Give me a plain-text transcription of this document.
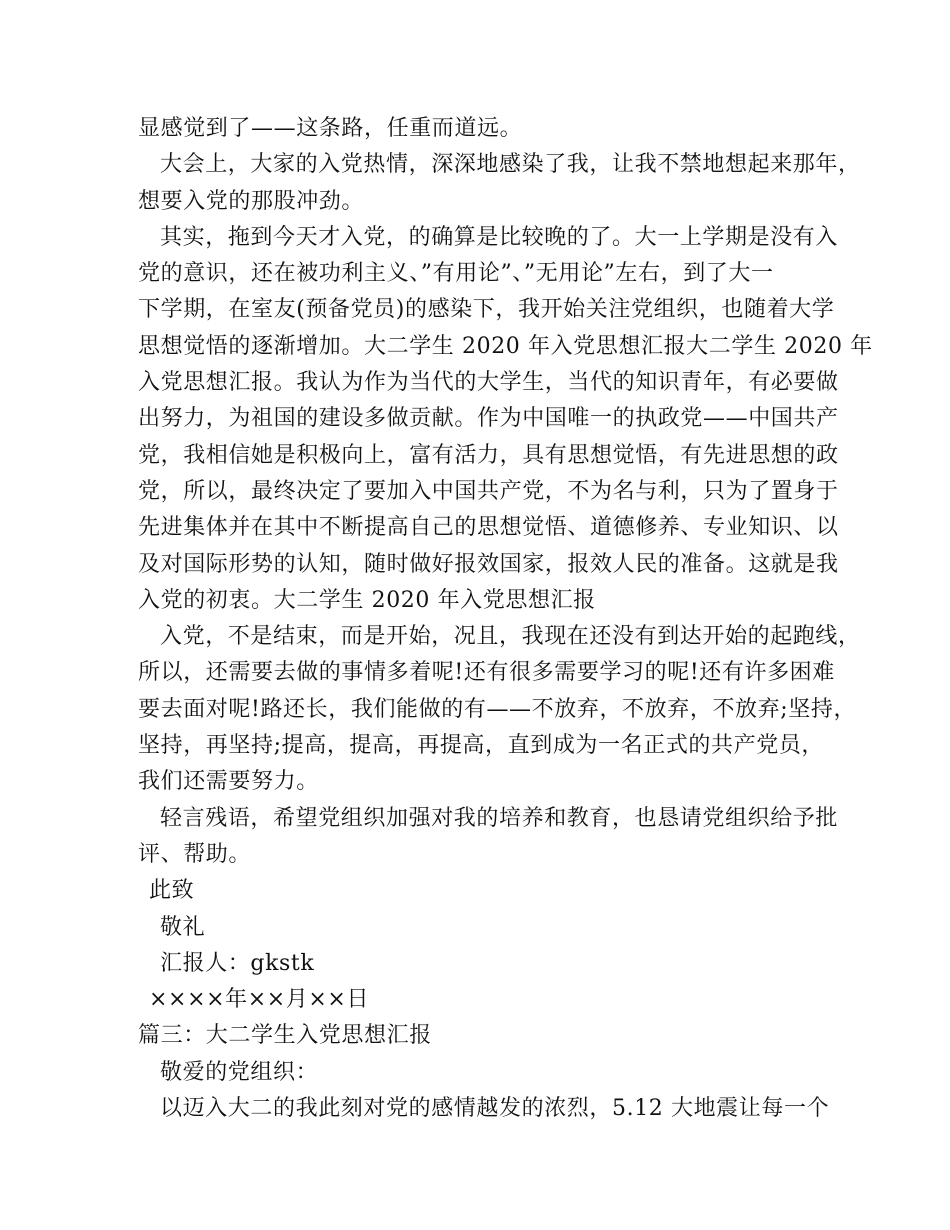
显感觉到了——这条路，任重而道远。
大会上，大家的入党热情，深深地感染了我，让我不禁地想起来那年，
想要入党的那股冲劲。
其实，拖到今天才入党，的确算是比较晚的了。大一上学期是没有入
党的意识，还在被功利主义、”有用论”、”无用论”左右，到了大一
下学期，在室友(预备党员)的感染下，我开始关注党组织，也随着大学
思想觉悟的逐渐增加。大二学生 2020 年入党思想汇报大二学生 2020 年
入党思想汇报。我认为作为当代的大学生，当代的知识青年，有必要做
出努力，为祖国的建设多做贡献。作为中国唯一的执政党——中国共产
党，我相信她是积极向上，富有活力，具有思想觉悟，有先进思想的政
党，所以，最终决定了要加入中国共产党，不为名与利，只为了置身于
先进集体并在其中不断提高自己的思想觉悟、道德修养、专业知识、以
及对国际形势的认知，随时做好报效国家，报效人民的准备。这就是我
入党的初衷。大二学生 2020 年入党思想汇报
入党，不是结束，而是开始，况且，我现在还没有到达开始的起跑线，
所以，还需要去做的事情多着呢!还有很多需要学习的呢!还有许多困难
要去面对呢!路还长，我们能做的有——不放弃，不放弃，不放弃;坚持，
坚持，再坚持;提高，提高，再提高，直到成为一名正式的共产党员，
我们还需要努力。
轻言残语，希望党组织加强对我的培养和教育，也恳请党组织给予批
评、帮助。
此致
敬礼
汇报人：gkstk
××××年××月××日
篇三：大二学生入党思想汇报
敬爱的党组织：
以迈入大二的我此刻对党的感情越发的浓烈，5.12 大地震让每一个
